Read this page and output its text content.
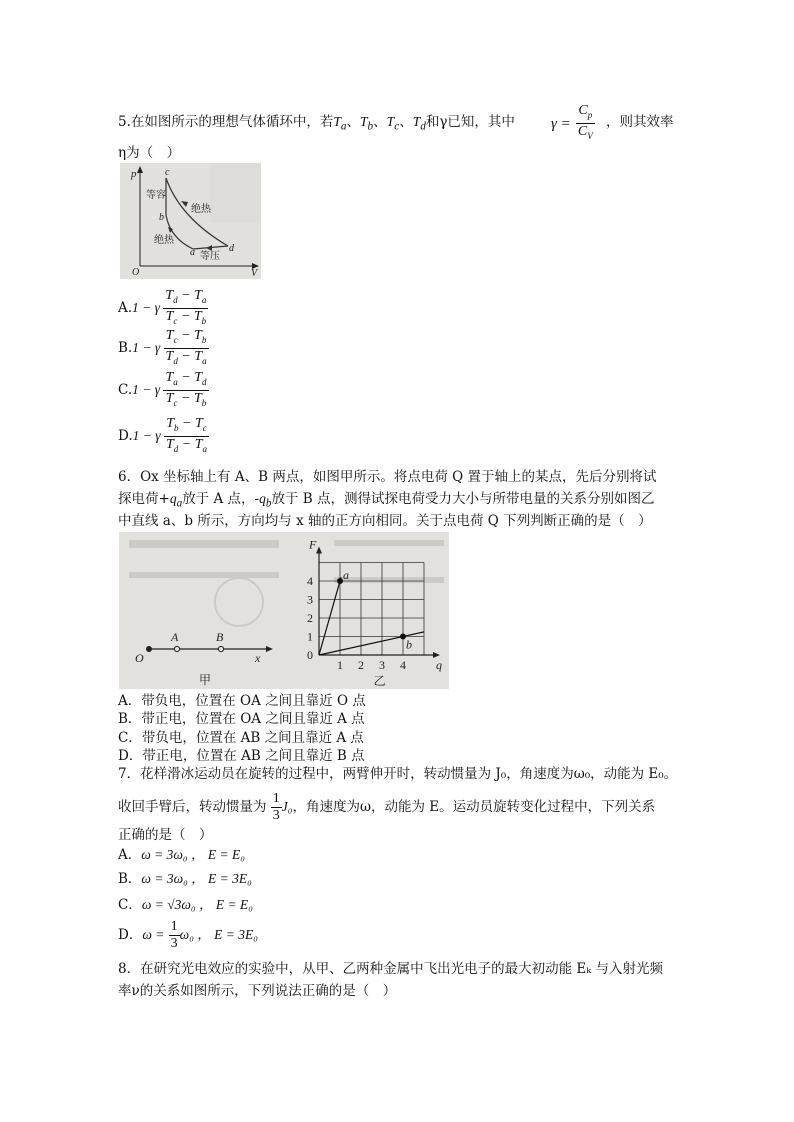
5.在如图所示的理想气体循环中，若$T_a$、$T_b$、$T_c$、$T_d$和γ已知，其中 $\gamma = \frac{C_p}{C_V}$ ，则其效率
η为（　）
p
V
O
c
b
a	d
等容
绝热
绝热
等压
A.1 − γ $\frac{T_d - T_a}{T_c - T_b}$
B.1 − γ $\frac{T_c - T_b}{T_d - T_a}$
C.1 − γ $\frac{T_a - T_d}{T_c - T_b}$
D.1 − γ $\frac{T_b - T_c}{T_d - T_a}$
6．Ox 坐标轴上有 A、B 两点，如图甲所示。将点电荷 Q 置于轴上的某点，先后分别将试
探电荷$+q_a$放于 A 点，$-q_b$放于 B 点，测得试探电荷受力大小与所带电量的关系分别如图乙
中直线 a、b 所示，方向均与 x 轴的正方向相同。关于点电荷 Q 下列判断正确的是（　）
O
A	B
x
甲
F
q
0
1
2
3
4
1 2 3 4
乙
a
b
A．带负电，位置在 OA 之间且靠近 O 点
B．带正电，位置在 OA 之间且靠近 A 点
C．带负电，位置在 AB 之间且靠近 A 点
D．带正电，位置在 AB 之间且靠近 B 点
7．花样滑冰运动员在旋转的过程中，两臂伸开时，转动惯量为 J₀，角速度为ω₀，动能为 E₀。
收回手臂后，转动惯量为 $\frac{1}{3} J_0$，角速度为ω，动能为 E。运动员旋转变化过程中，下列关系
正确的是（　）
A．ω = 3ω₀ ， E = E₀
B．ω = 3ω₀ ， E = 3E₀
C．ω = √3ω₀ ， E = E₀
D．$\omega = \frac{1}{3} \omega_0$ ， E = 3E₀
8．在研究光电效应的实验中，从甲、乙两种金属中飞出光电子的最大初动能 Eₖ 与入射光频
率ν的关系如图所示，下列说法正确的是（　）
